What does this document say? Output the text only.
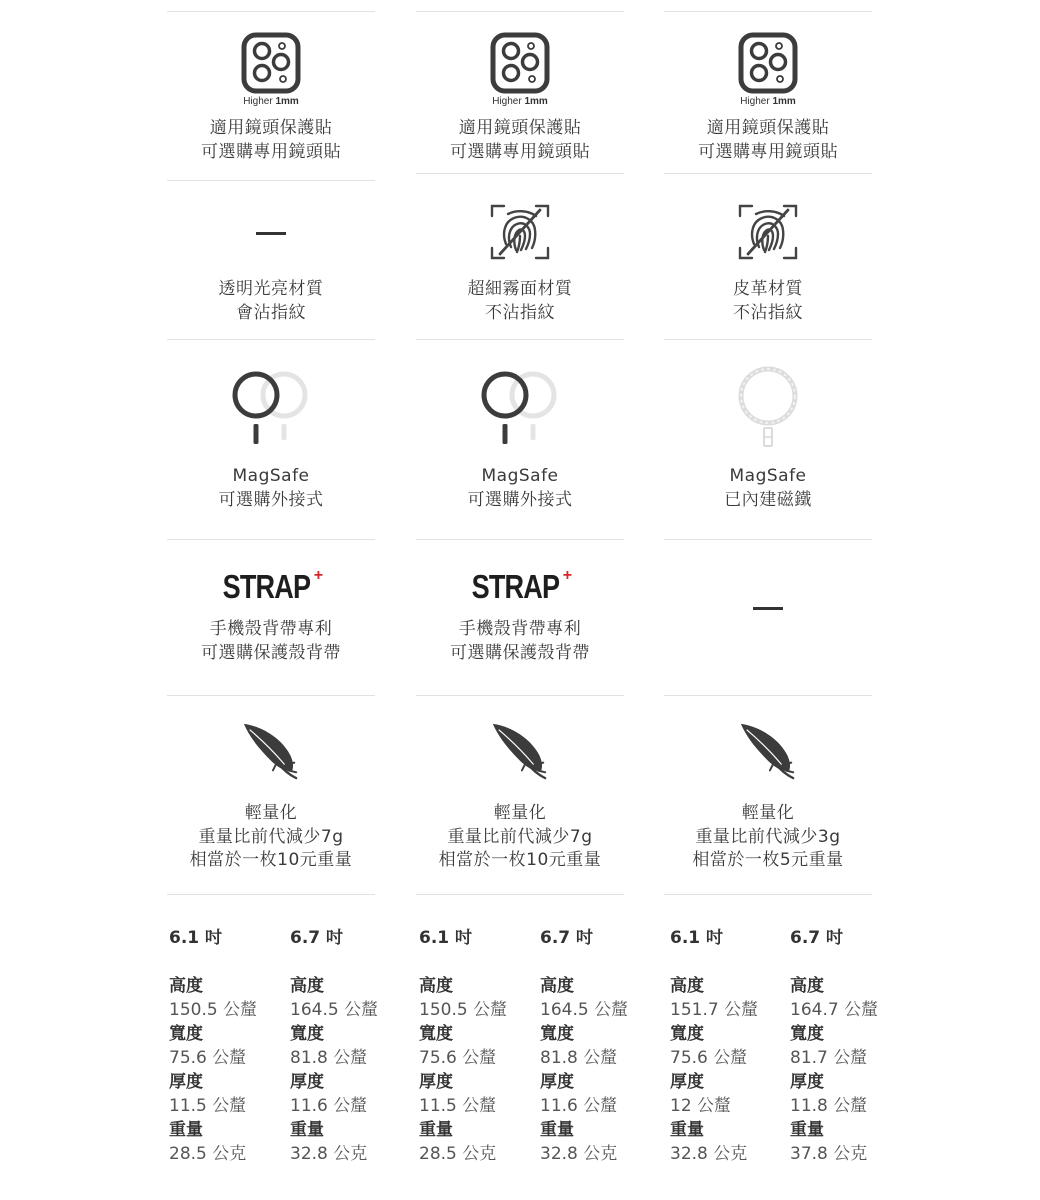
Higher 1mm
適用鏡頭保護貼
可選購專用鏡頭貼
透明光亮材質
會沾指紋
MagSafe
可選購外接式
STRAP +
手機殼背帶專利
可選購保護殼背帶
輕量化
重量比前代減少7g
相當於一枚10元重量
6.1 吋
高度
150.5 公釐
寬度
75.6 公釐
厚度
11.5 公釐
重量
28.5 公克
6.7 吋
高度
164.5 公釐
寬度
81.8 公釐
厚度
11.6 公釐
重量
32.8 公克
Higher 1mm
適用鏡頭保護貼
可選購專用鏡頭貼
超細霧面材質
不沾指紋
MagSafe
可選購外接式
STRAP +
手機殼背帶專利
可選購保護殼背帶
輕量化
重量比前代減少7g
相當於一枚10元重量
6.1 吋
高度
150.5 公釐
寬度
75.6 公釐
厚度
11.5 公釐
重量
28.5 公克
6.7 吋
高度
164.5 公釐
寬度
81.8 公釐
厚度
11.6 公釐
重量
32.8 公克
Higher 1mm
適用鏡頭保護貼
可選購專用鏡頭貼
皮革材質
不沾指紋
MagSafe
已內建磁鐵
輕量化
重量比前代減少3g
相當於一枚5元重量
6.1 吋
高度
151.7 公釐
寬度
75.6 公釐
厚度
12 公釐
重量
32.8 公克
6.7 吋
高度
164.7 公釐
寬度
81.7 公釐
厚度
11.8 公釐
重量
37.8 公克
